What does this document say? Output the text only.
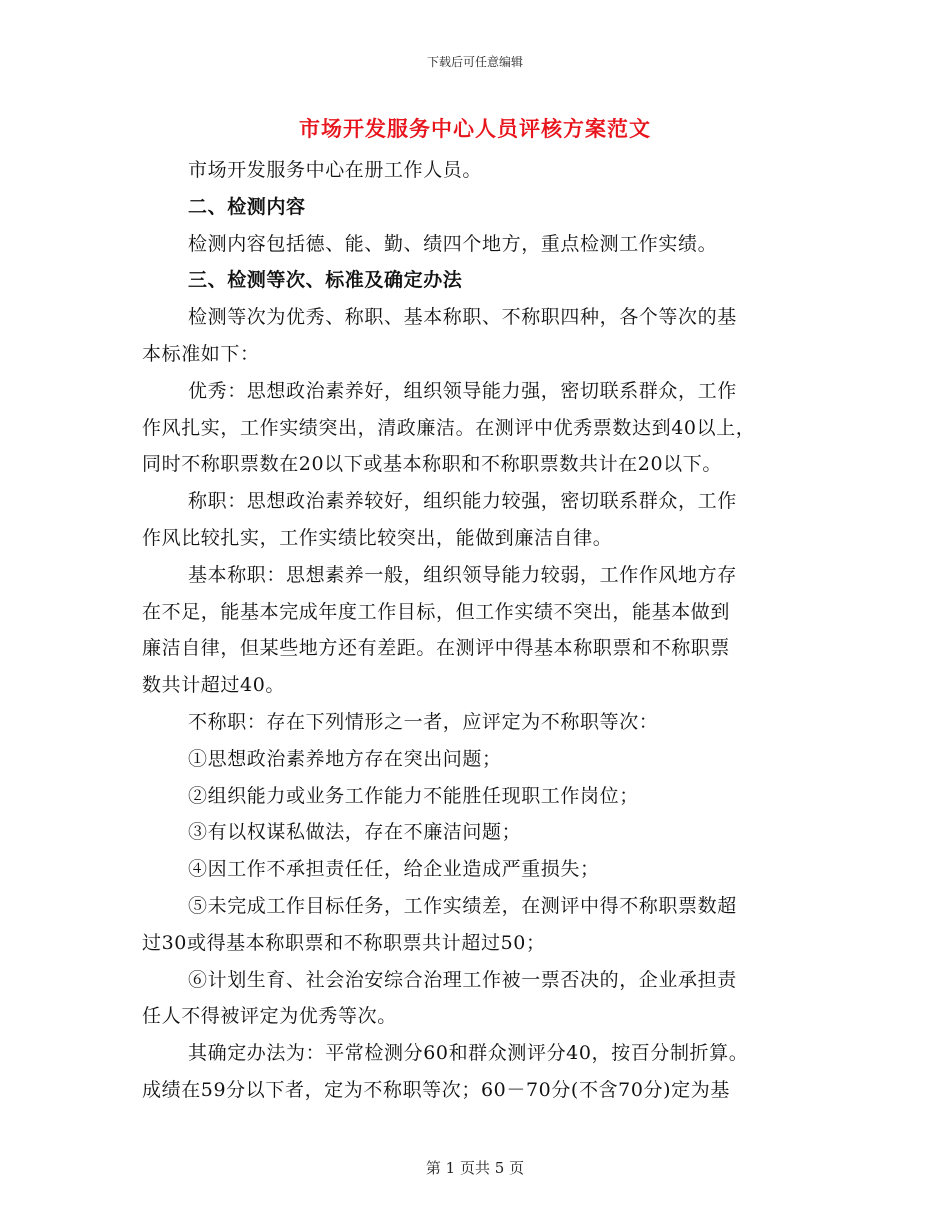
下载后可任意编辑
市场开发服务中心人员评核方案范文
市场开发服务中心在册工作人员。
二、检测内容
检测内容包括德、能、勤、绩四个地方，重点检测工作实绩。
三、检测等次、标准及确定办法
检测等次为优秀、称职、基本称职、不称职四种，各个等次的基
本标准如下：
优秀：思想政治素养好，组织领导能力强，密切联系群众，工作
作风扎实，工作实绩突出，清政廉洁。在测评中优秀票数达到40以上，
同时不称职票数在20以下或基本称职和不称职票数共计在20以下。
称职：思想政治素养较好，组织能力较强，密切联系群众，工作
作风比较扎实，工作实绩比较突出，能做到廉洁自律。
基本称职：思想素养一般，组织领导能力较弱，工作作风地方存
在不足，能基本完成年度工作目标，但工作实绩不突出，能基本做到
廉洁自律，但某些地方还有差距。在测评中得基本称职票和不称职票
数共计超过40。
不称职：存在下列情形之一者，应评定为不称职等次：
①思想政治素养地方存在突出问题；
②组织能力或业务工作能力不能胜任现职工作岗位；
③有以权谋私做法，存在不廉洁问题；
④因工作不承担责任任，给企业造成严重损失；
⑤未完成工作目标任务，工作实绩差，在测评中得不称职票数超
过30或得基本称职票和不称职票共计超过50；
⑥计划生育、社会治安综合治理工作被一票否决的，企业承担责
任人不得被评定为优秀等次。
其确定办法为：平常检测分60和群众测评分40，按百分制折算。
成绩在59分以下者，定为不称职等次；60－70分(不含70分)定为基
第 1 页共 5 页
